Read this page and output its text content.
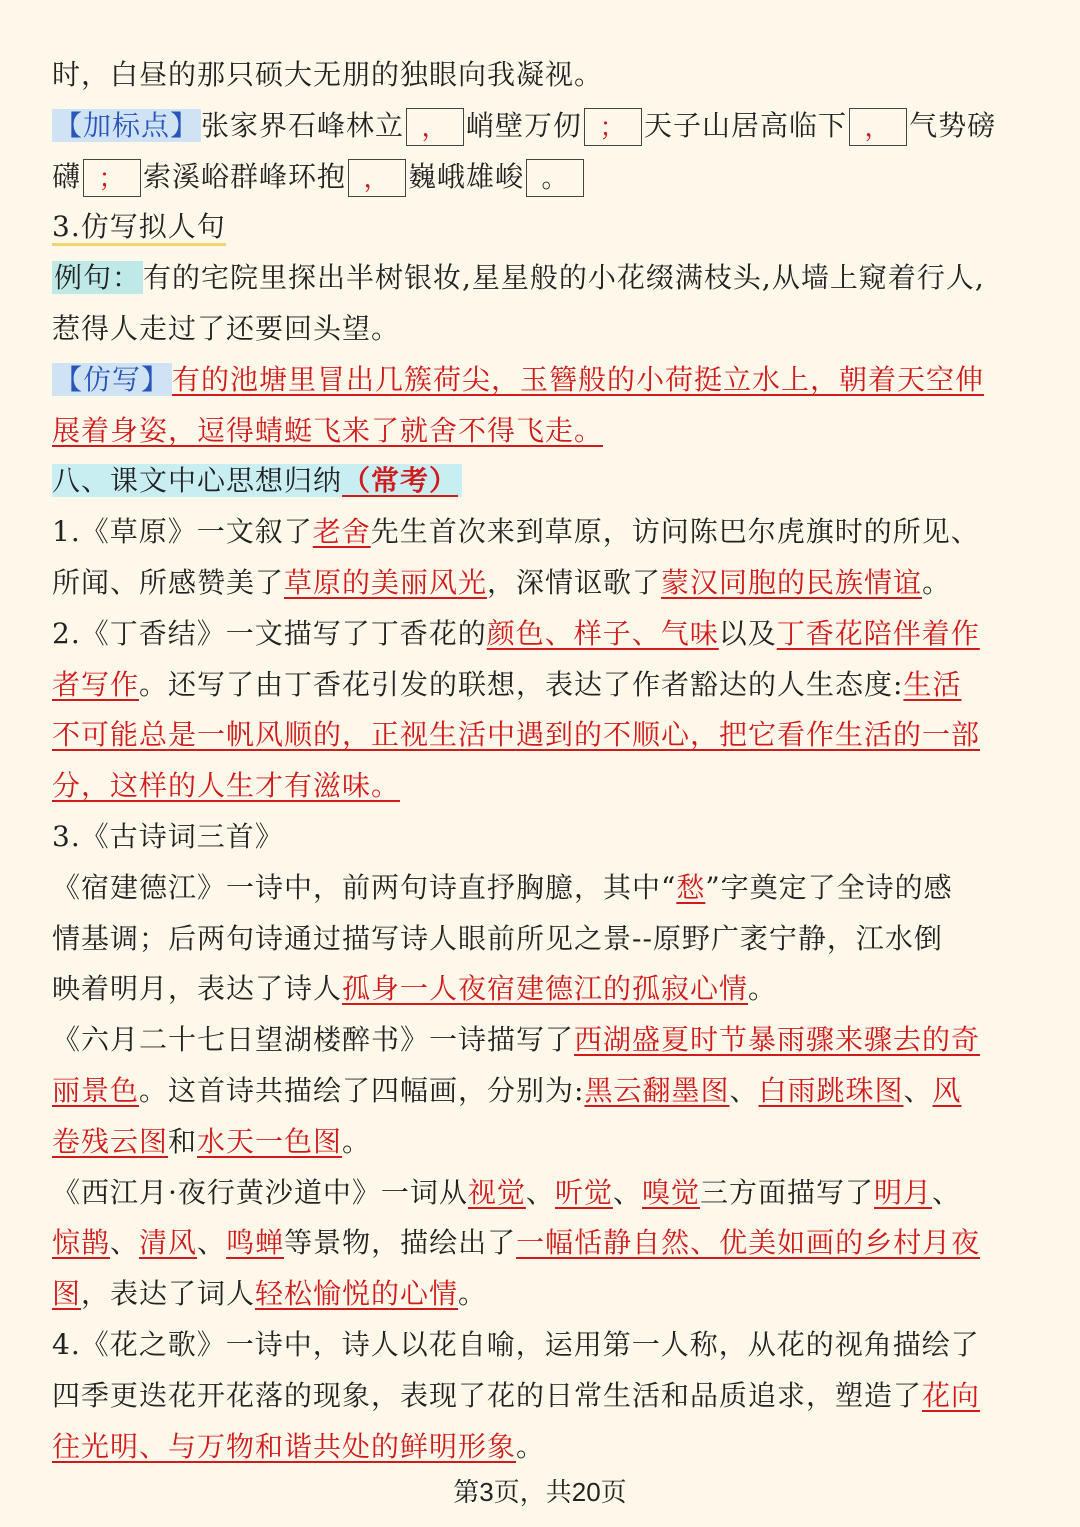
时，白昼的那只硕大无朋的独眼向我凝视。
【加标点】张家界石峰林立 ， 峭壁万仞 ； 天子山居高临下 ， 气势磅
礴 ； 索溪峪群峰环抱 ， 巍峨雄峻 。
3.仿写拟人句
例句：有的宅院里探出半树银妆,星星般的小花缀满枝头,从墙上窥着行人,
惹得人走过了还要回头望。
【仿写】有的池塘里冒出几簇荷尖，玉簪般的小荷挺立水上，朝着天空伸
展着身姿，逗得蜻蜓飞来了就舍不得飞走。
八、课文中心思想归纳（常考）
1.《草原》一文叙了老舍先生首次来到草原，访问陈巴尔虎旗时的所见、
所闻、所感赞美了草原的美丽风光，深情讴歌了蒙汉同胞的民族情谊。
2.《丁香结》一文描写了丁香花的颜色、样子、气味以及丁香花陪伴着作
者写作。还写了由丁香花引发的联想，表达了作者豁达的人生态度:生活
不可能总是一帆风顺的，正视生活中遇到的不顺心，把它看作生活的一部
分，这样的人生才有滋味。
3.《古诗词三首》
《宿建德江》一诗中，前两句诗直抒胸臆，其中“愁”字奠定了全诗的感
情基调；后两句诗通过描写诗人眼前所见之景--原野广袤宁静，江水倒
映着明月，表达了诗人孤身一人夜宿建德江的孤寂心情。
《六月二十七日望湖楼醉书》一诗描写了西湖盛夏时节暴雨骤来骤去的奇
丽景色。这首诗共描绘了四幅画，分别为:黑云翻墨图、白雨跳珠图、风
卷残云图和水天一色图。
《西江月·夜行黄沙道中》一词从视觉、听觉、嗅觉三方面描写了明月、
惊鹊、清风、鸣蝉等景物，描绘出了一幅恬静自然、优美如画的乡村月夜
图，表达了词人轻松愉悦的心情。
4.《花之歌》一诗中，诗人以花自喻，运用第一人称，从花的视角描绘了
四季更迭花开花落的现象，表现了花的日常生活和品质追求，塑造了花向
往光明、与万物和谐共处的鲜明形象。
第3页，共20页
